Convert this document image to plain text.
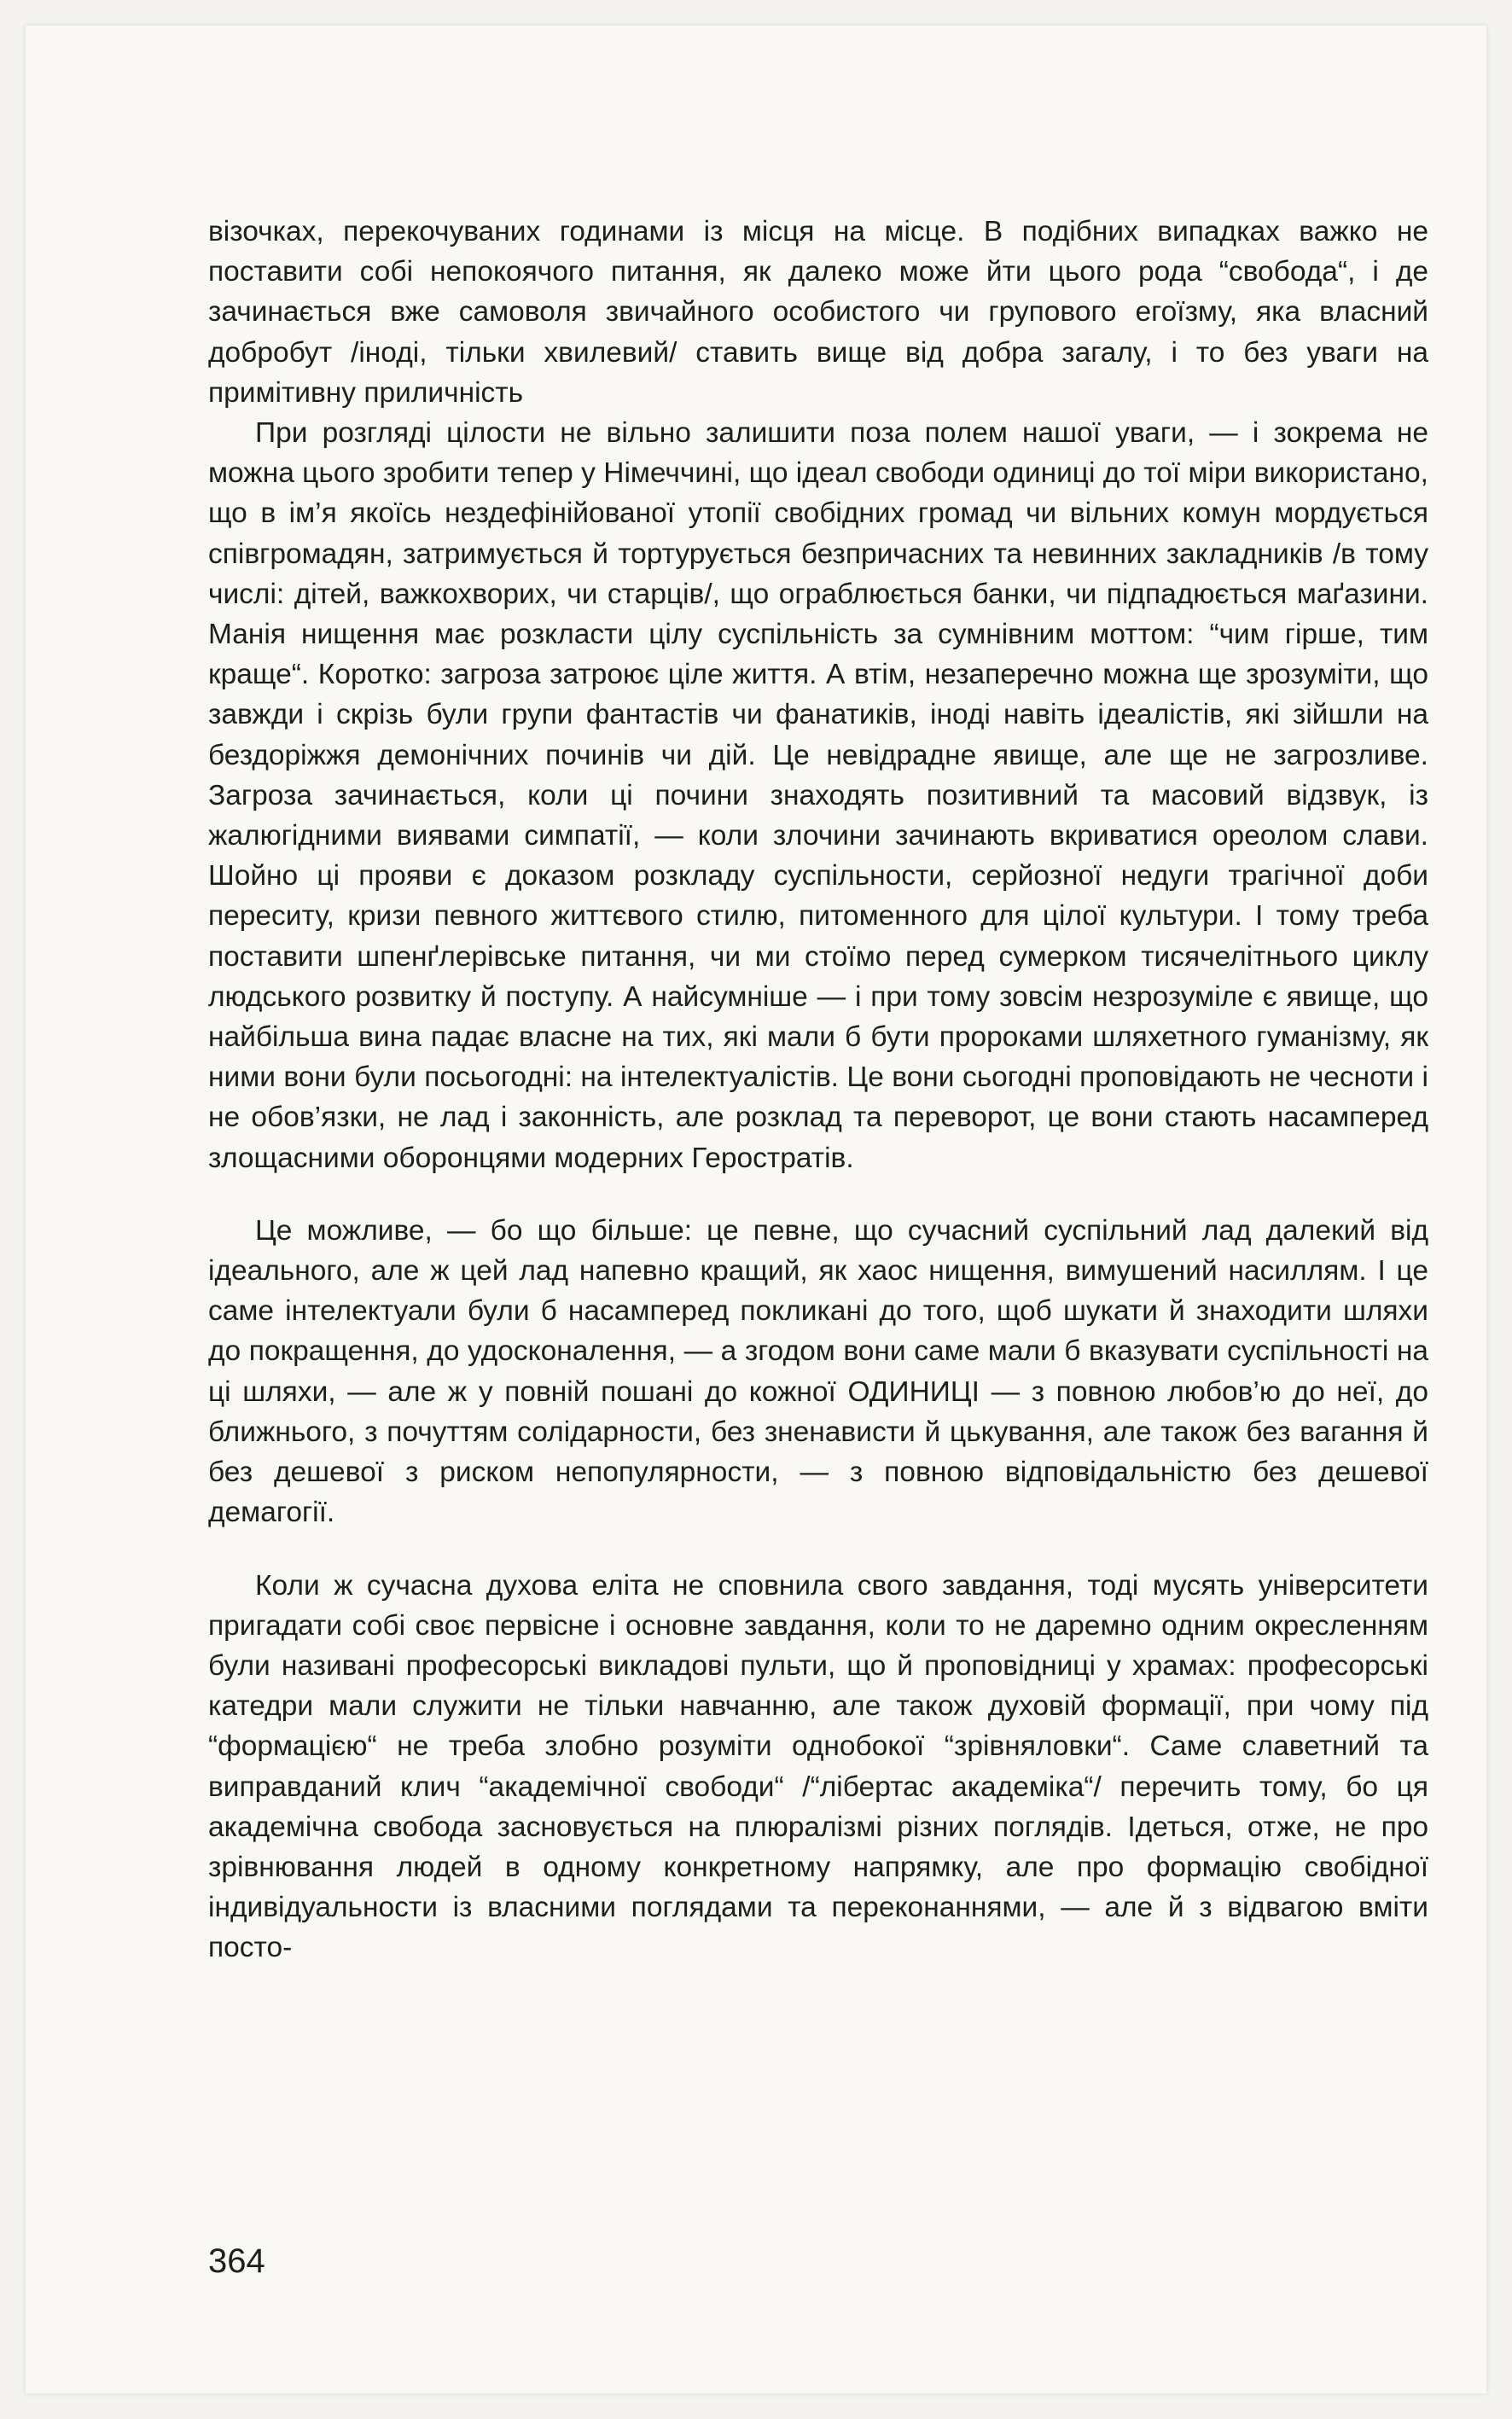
візочках, перекочуваних годинами із місця на місце. В подібних випадках важко не поставити собі непокоячого питання, як далеко може йти цього рода “свобода“, і де зачинається вже самоволя звичайного особистого чи групового егоїзму, яка власний добробут /іноді, тільки хвилевий/ ставить вище від добра загалу, і то без уваги на примітивну приличність

При розгляді цілости не вільно залишити поза полем нашої уваги, — і зокрема не можна цього зробити тепер у Німеччині, що ідеал свободи одиниці до тої міри використано, що в ім’я якоїсь нездефінійованої утопії свобідних громад чи вільних комун мордується співгромадян, затримується й тортурується безпричасних та невинних закладників /в тому числі: дітей, важкохворих, чи старців/, що ограблюється банки, чи підпадюється маґазини. Манія нищення має розкласти цілу суспільність за сумнівним моттом: “чим гірше, тим краще“. Коротко: загроза затроює ціле життя. А втім, незаперечно можна ще зрозуміти, що завжди і скрізь були групи фантастів чи фанатиків, іноді навіть ідеалістів, які зійшли на бездоріжжя демонічних починів чи дій. Це невідрадне явище, але ще не загрозливе. Загроза зачинається, коли ці почини знаходять позитивний та масовий відзвук, із жалюгідними виявами симпатії, — коли злочини зачинають вкриватися ореолом слави. Шойно ці прояви є доказом розкладу суспільности, серйозної недуги трагічної доби переситу, кризи певного життєвого стилю, питоменного для цілої культури. І тому треба поставити шпенґлерівське питання, чи ми стоїмо перед сумерком тисячелітнього циклу людського розвитку й поступу. А найсумніше — і при тому зовсім незрозуміле є явище, що найбільша вина падає власне на тих, які мали б бути пророками шляхетного гуманізму, як ними вони були посьогодні: на інтелектуалістів. Це вони сьогодні проповідають не чесноти і не обов’язки, не лад і законність, але розклад та переворот, це вони стають насамперед злощасними оборонцями модерних Геростратів.

Це можливе, — бо що більше: це певне, що сучасний суспільний лад далекий від ідеального, але ж цей лад напевно кращий, як хаос нищення, вимушений насиллям. І це саме інтелектуали були б насамперед покликані до того, щоб шукати й знаходити шляхи до покращення, до удосконалення, — а згодом вони саме мали б вказувати суспільності на ці шляхи, — але ж у повній пошані до кожної ОДИНИЦІ — з повною любов’ю до неї, до ближнього, з почуттям солідарности, без зненависти й цькування, але також без вагання й без дешевої з риском непопулярности, — з повною відповідальністю без дешевої демагогії.

Коли ж сучасна духова еліта не сповнила свого завдання, тоді мусять університети пригадати собі своє первісне і основне завдання, коли то не даремно одним окресленням були називані професорські викладові пульти, що й проповідниці у храмах: професорські катедри мали служити не тільки навчанню, але також духовій формації, при чому під “формацією“ не треба злобно розуміти однобокої “зрівняловки“. Саме славетний та виправданий клич “академічної свободи“ /“лібертас академіка“/ перечить тому, бо ця академічна свобода засновується на плюралізмі різних поглядів. Ідеться, отже, не про зрівнювання людей в одному конкретному напрямку, але про формацію свобідної індивідуальности із власними поглядами та переконаннями, — але й з відвагою вміти посто-

364
